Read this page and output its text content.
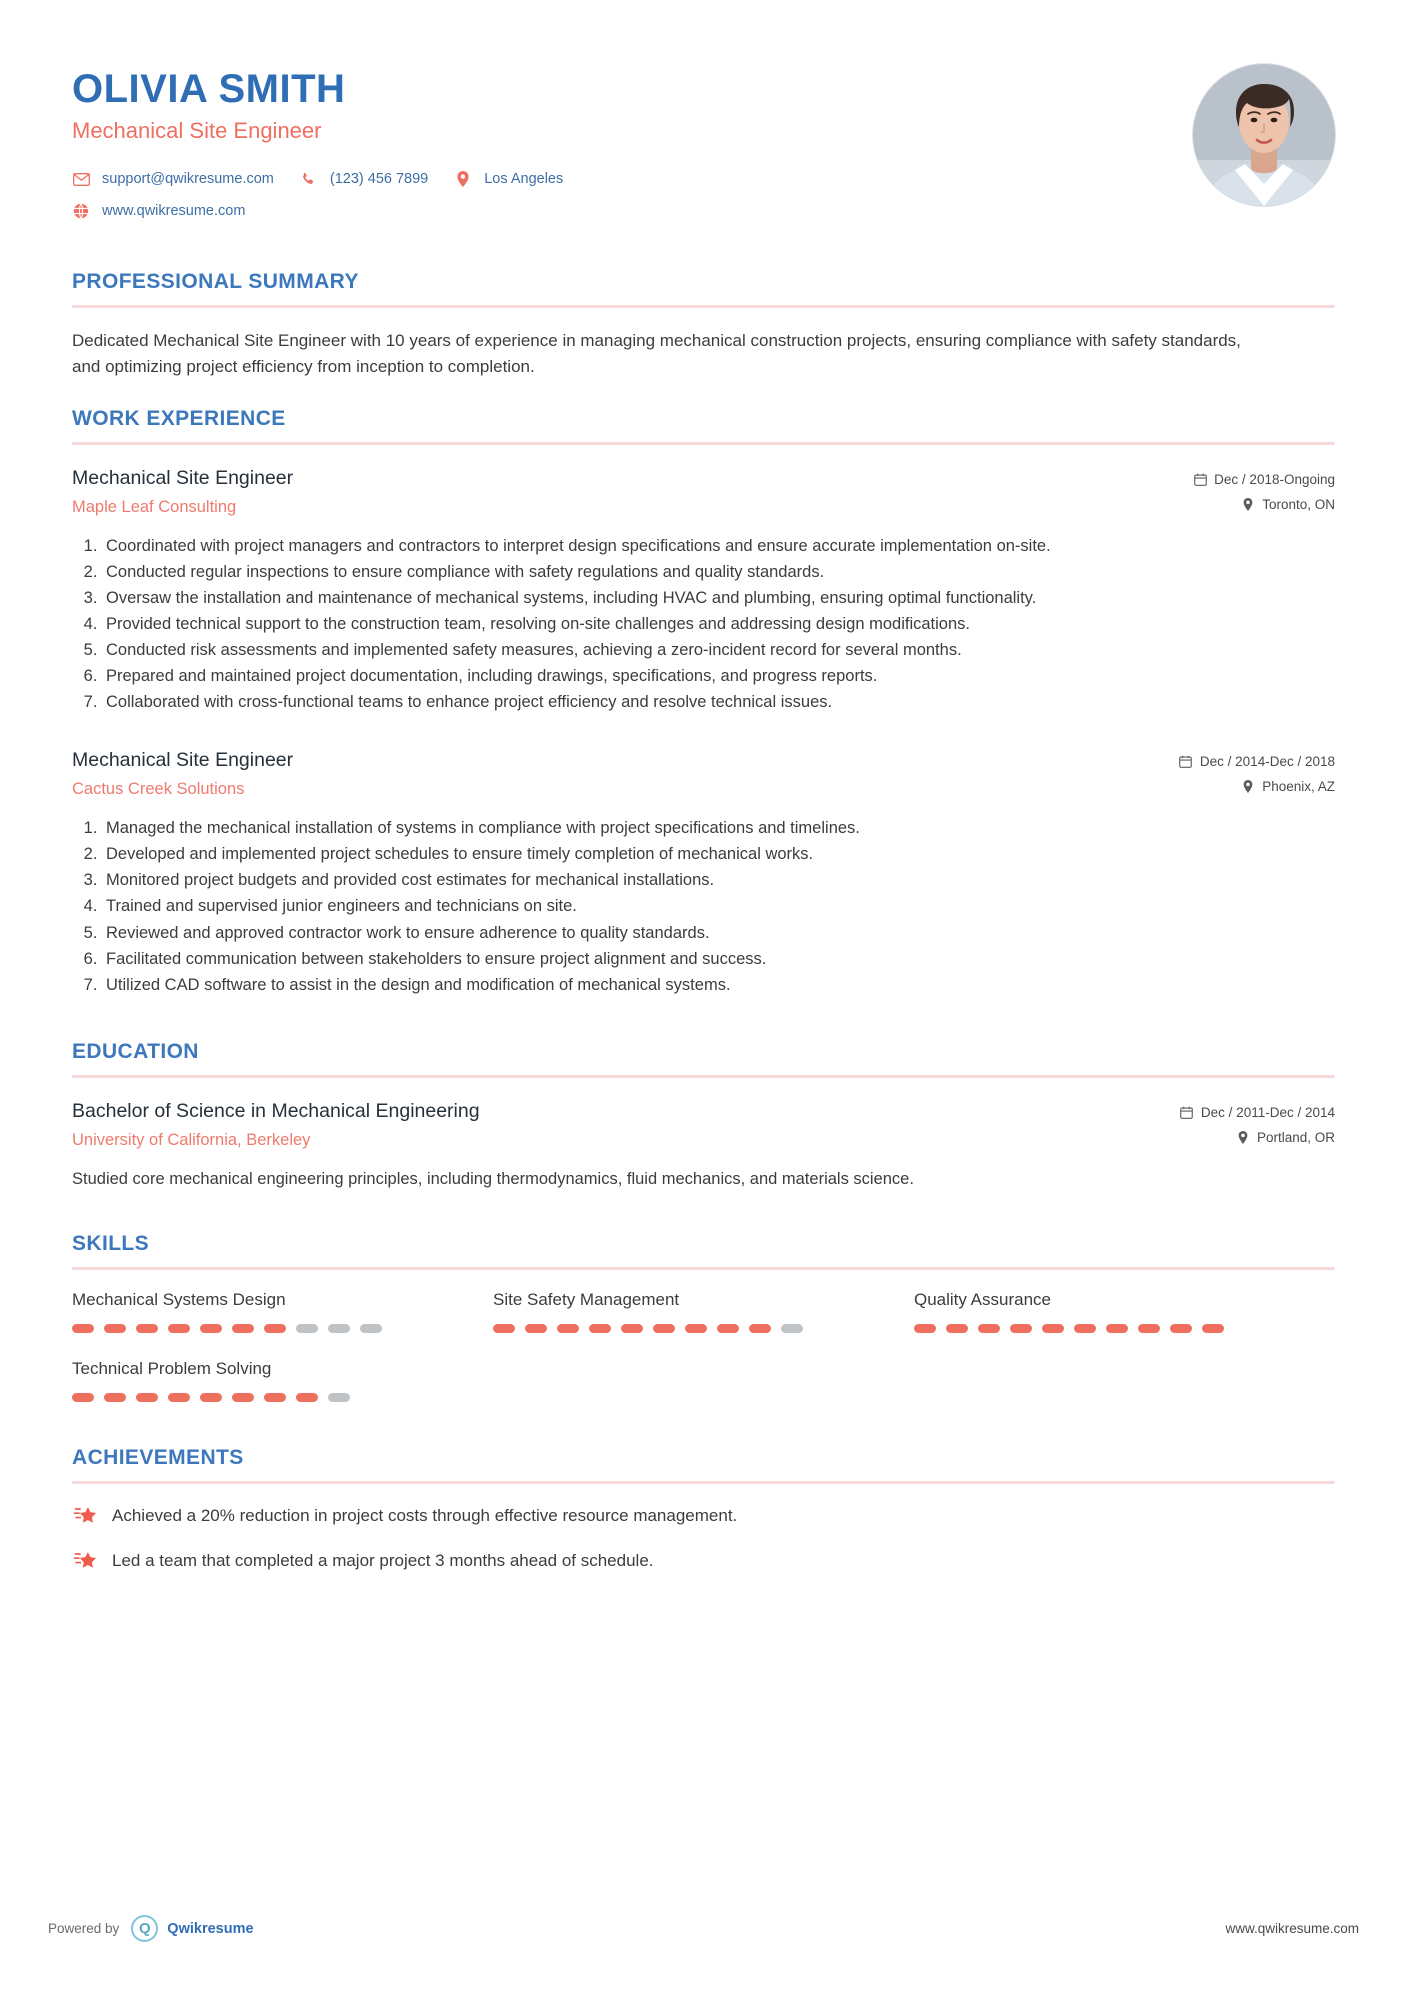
OLIVIA SMITH
Mechanical Site Engineer
support@qwikresume.com	(123) 456 7899	Los Angeles
www.qwikresume.com
PROFESSIONAL SUMMARY
Dedicated Mechanical Site Engineer with 10 years of experience in managing mechanical construction projects, ensuring compliance with safety standards, and optimizing project efficiency from inception to completion.
WORK EXPERIENCE
Mechanical Site Engineer
Maple Leaf Consulting
Dec / 2018-Ongoing
Toronto, ON
1. Coordinated with project managers and contractors to interpret design specifications and ensure accurate implementation on-site.
2. Conducted regular inspections to ensure compliance with safety regulations and quality standards.
3. Oversaw the installation and maintenance of mechanical systems, including HVAC and plumbing, ensuring optimal functionality.
4. Provided technical support to the construction team, resolving on-site challenges and addressing design modifications.
5. Conducted risk assessments and implemented safety measures, achieving a zero-incident record for several months.
6. Prepared and maintained project documentation, including drawings, specifications, and progress reports.
7. Collaborated with cross-functional teams to enhance project efficiency and resolve technical issues.
Mechanical Site Engineer
Cactus Creek Solutions
Dec / 2014-Dec / 2018
Phoenix, AZ
1. Managed the mechanical installation of systems in compliance with project specifications and timelines.
2. Developed and implemented project schedules to ensure timely completion of mechanical works.
3. Monitored project budgets and provided cost estimates for mechanical installations.
4. Trained and supervised junior engineers and technicians on site.
5. Reviewed and approved contractor work to ensure adherence to quality standards.
6. Facilitated communication between stakeholders to ensure project alignment and success.
7. Utilized CAD software to assist in the design and modification of mechanical systems.
EDUCATION
Bachelor of Science in Mechanical Engineering
University of California, Berkeley
Dec / 2011-Dec / 2014
Portland, OR
Studied core mechanical engineering principles, including thermodynamics, fluid mechanics, and materials science.
SKILLS
Mechanical Systems Design	Site Safety Management	Quality Assurance
Technical Problem Solving
ACHIEVEMENTS
Achieved a 20% reduction in project costs through effective resource management.
Led a team that completed a major project 3 months ahead of schedule.
Powered by	Q	Qwikresume	www.qwikresume.com
